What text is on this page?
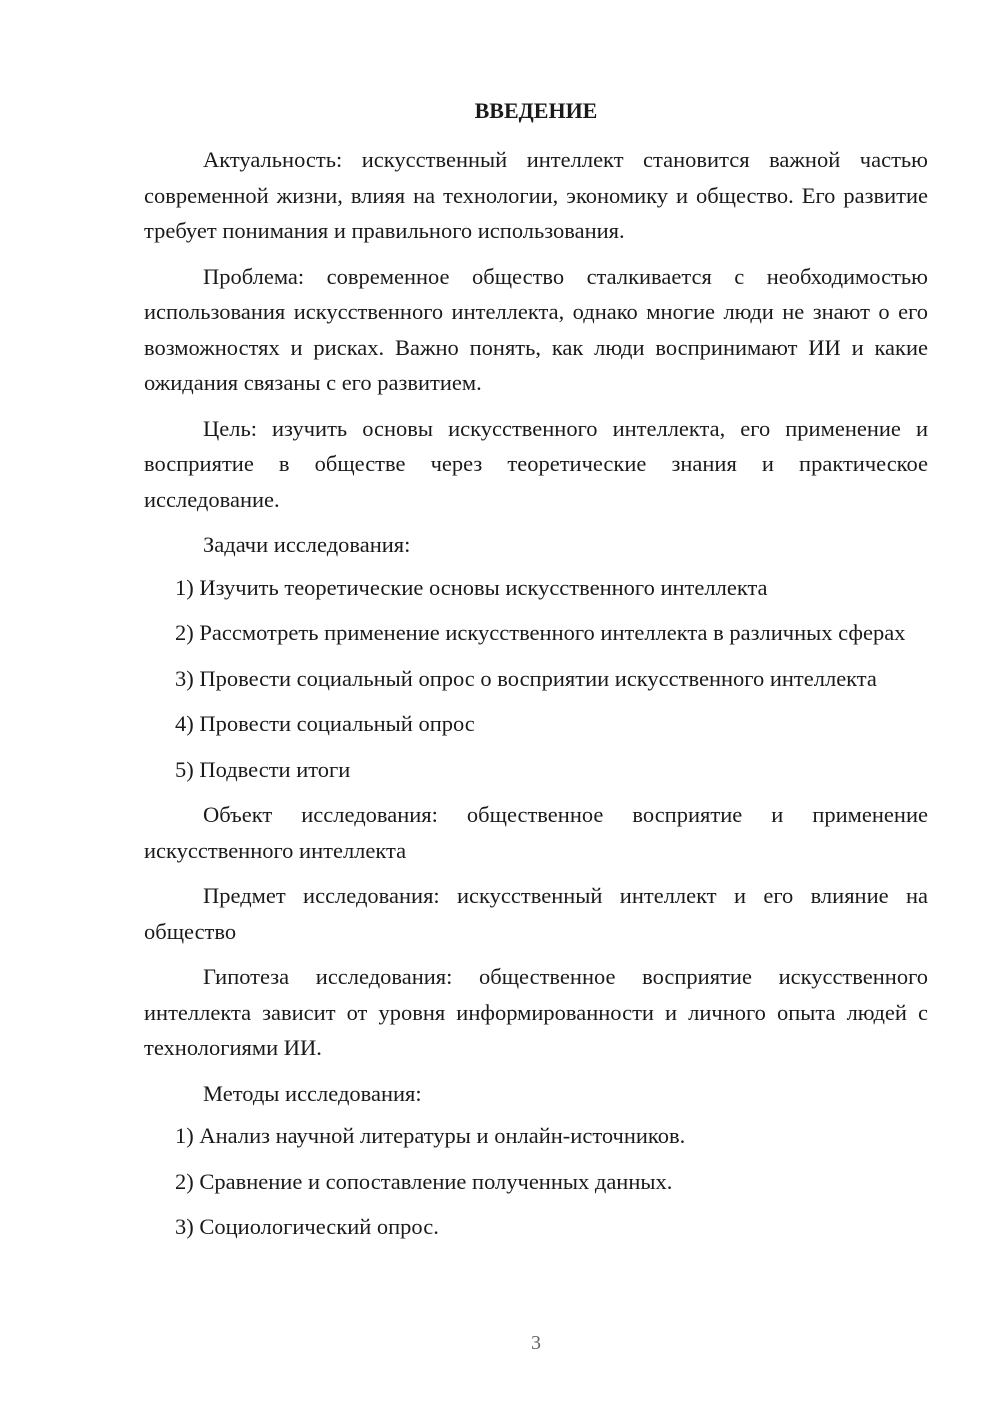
ВВЕДЕНИЕ

Актуальность: искусственный интеллект становится важной частью современной жизни, влияя на технологии, экономику и общество. Его развитие требует понимания и правильного использования.

Проблема: современное общество сталкивается с необходимостью использования искусственного интеллекта, однако многие люди не знают о его возможностях и рисках. Важно понять, как люди воспринимают ИИ и какие ожидания связаны с его развитием.

Цель: изучить основы искусственного интеллекта, его применение и восприятие в обществе через теоретические знания и практическое исследование.

Задачи исследования:

1) Изучить теоретические основы искусственного интеллекта

2) Рассмотреть применение искусственного интеллекта в различных сферах

3) Провести социальный опрос о восприятии искусственного интеллекта

4) Провести социальный опрос

5) Подвести итоги

Объект исследования: общественное восприятие и применение искусственного интеллекта

Предмет исследования: искусственный интеллект и его влияние на общество

Гипотеза исследования: общественное восприятие искусственного интеллекта зависит от уровня информированности и личного опыта людей с технологиями ИИ.

Методы исследования:

1) Анализ научной литературы и онлайн-источников.

2) Сравнение и сопоставление полученных данных.

3) Социологический опрос.

3
